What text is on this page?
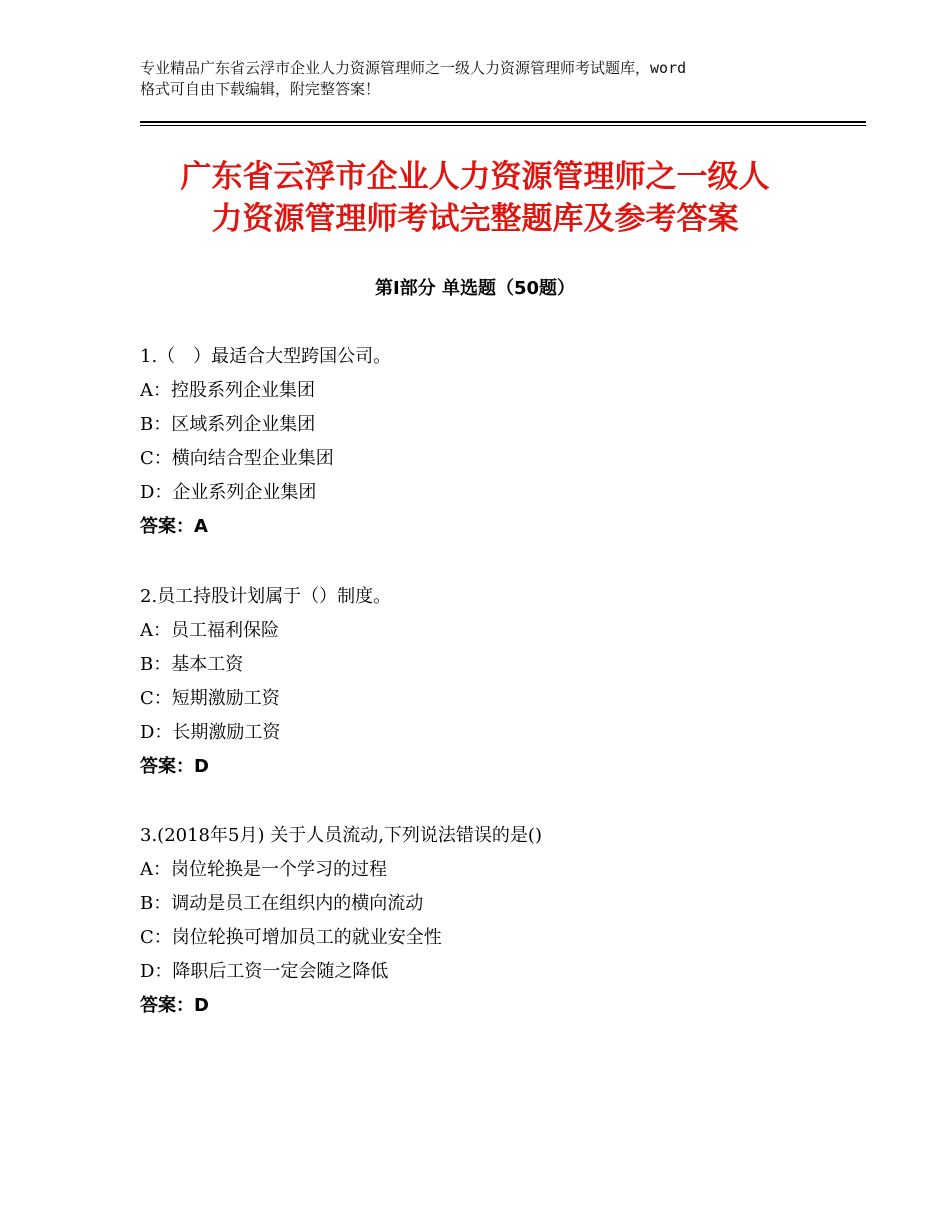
专业精品广东省云浮市企业人力资源管理师之一级人力资源管理师考试题库，word
格式可自由下载编辑，附完整答案！
广东省云浮市企业人力资源管理师之一级人
力资源管理师考试完整题库及参考答案
第Ⅰ部分 单选题（50题）
1.（　）最适合大型跨国公司。
A：控股系列企业集团
B：区域系列企业集团
C：横向结合型企业集团
D：企业系列企业集团
答案：A
2.员工持股计划属于（）制度。
A：员工福利保险
B：基本工资
C：短期激励工资
D：长期激励工资
答案：D
3.(2018年5月) 关于人员流动,下列说法错误的是()
A：岗位轮换是一个学习的过程
B：调动是员工在组织内的横向流动
C：岗位轮换可增加员工的就业安全性
D：降职后工资一定会随之降低
答案：D
